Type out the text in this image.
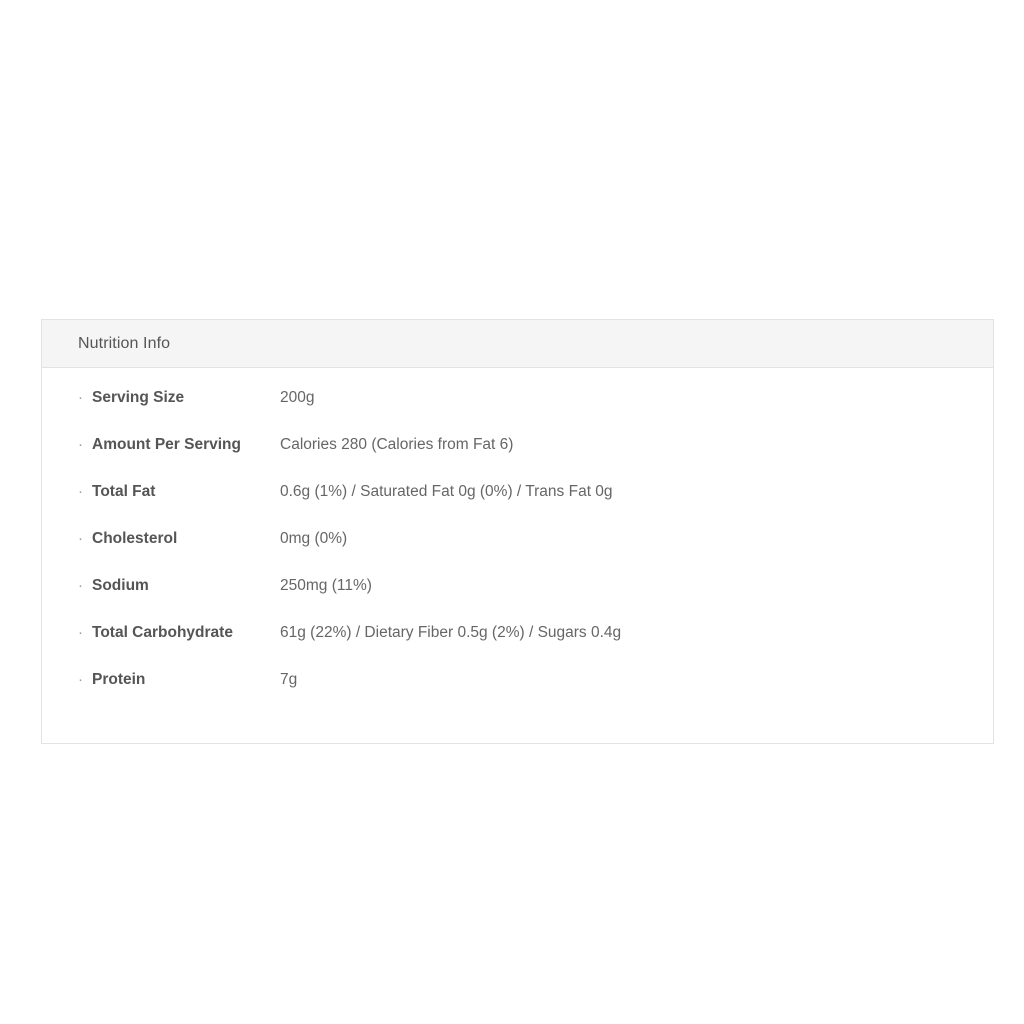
Nutrition Info
· Serving Size	200g
· Amount Per Serving	Calories 280 (Calories from Fat 6)
· Total Fat	0.6g (1%) / Saturated Fat 0g (0%) / Trans Fat 0g
· Cholesterol	0mg (0%)
· Sodium	250mg (11%)
· Total Carbohydrate	61g (22%) / Dietary Fiber 0.5g (2%) / Sugars 0.4g
· Protein	7g
